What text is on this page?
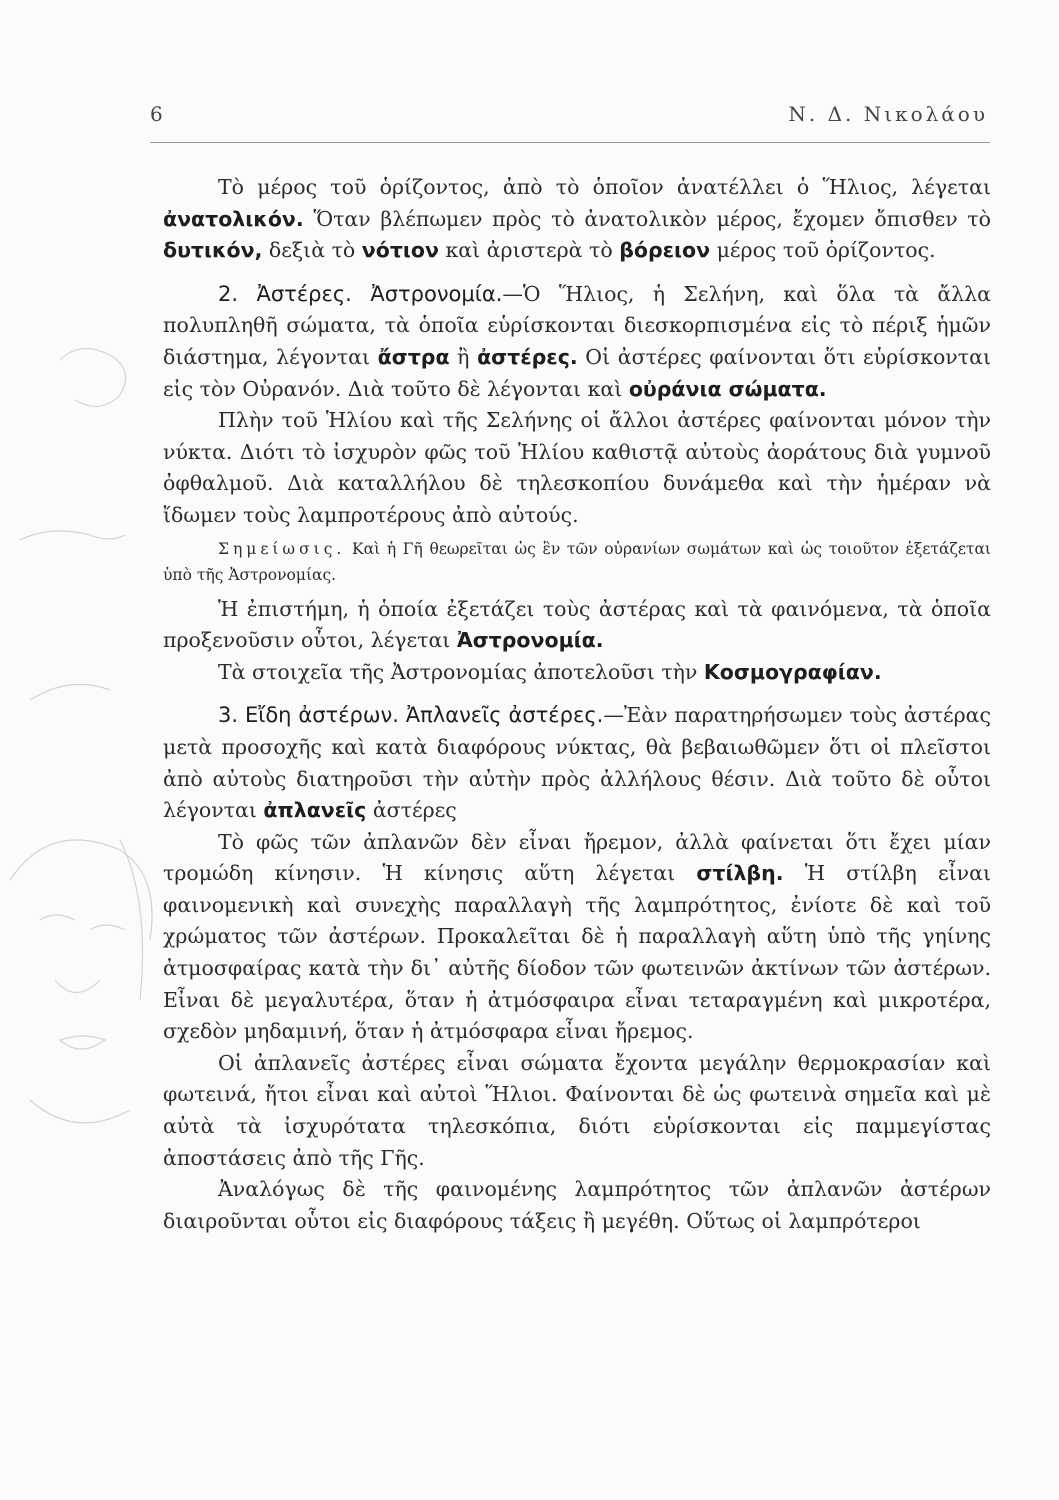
6	Ν. Δ. Νικολάου

Τὸ μέρος τοῦ ὁρίζοντος, ἀπὸ τὸ ὁποῖον ἀνατέλλει ὁ Ἥλιος, λέγεται ἀνατολικόν. Ὅταν βλέπωμεν πρὸς τὸ ἀνατολικὸν μέρος, ἔχομεν ὄπισθεν τὸ δυτικόν, δεξιὰ τὸ νότιον καὶ ἀριστερὰ τὸ βόρειον μέρος τοῦ ὁρίζοντος.

2. Ἀστέρες. Ἀστρονομία.—Ὁ Ἥλιος, ἡ Σελήνη, καὶ ὅλα τὰ ἄλλα πολυπληθῆ σώματα, τὰ ὁποῖα εὑρίσκονται διεσκορπισμένα εἰς τὸ πέριξ ἡμῶν διάστημα, λέγονται ἄστρα ἢ ἀστέρες. Οἱ ἀστέρες φαίνονται ὅτι εὑρίσκονται εἰς τὸν Οὐρανόν. Διὰ τοῦτο δὲ λέγονται καὶ οὐράνια σώματα.

Πλὴν τοῦ Ἡλίου καὶ τῆς Σελήνης οἱ ἄλλοι ἀστέρες φαίνονται μόνον τὴν νύκτα. Διότι τὸ ἰσχυρὸν φῶς τοῦ Ἡλίου καθιστᾷ αὐτοὺς ἀοράτους διὰ γυμνοῦ ὀφθαλμοῦ. Διὰ καταλλήλου δὲ τηλεσκοπίου δυνάμεθα καὶ τὴν ἡμέραν νὰ ἴδωμεν τοὺς λαμπροτέρους ἀπὸ αὐτούς.

Σημείωσις. Καὶ ἡ Γῆ θεωρεῖται ὡς ἓν τῶν οὐρανίων σωμάτων καὶ ὡς τοιοῦτον ἐξετάζεται ὑπὸ τῆς Ἀστρονομίας.

Ἡ ἐπιστήμη, ἡ ὁποία ἐξετάζει τοὺς ἀστέρας καὶ τὰ φαινόμενα, τὰ ὁποῖα προξενοῦσιν οὗτοι, λέγεται Ἀστρονομία.

Τὰ στοιχεῖα τῆς Ἀστρονομίας ἀποτελοῦσι τὴν Κοσμογραφίαν.

3. Εἴδη ἀστέρων. Ἀπλανεῖς ἀστέρες.—Ἐὰν παρατηρήσωμεν τοὺς ἀστέρας μετὰ προσοχῆς καὶ κατὰ διαφόρους νύκτας, θὰ βεβαιωθῶμεν ὅτι οἱ πλεῖστοι ἀπὸ αὐτοὺς διατηροῦσι τὴν αὐτὴν πρὸς ἀλλήλους θέσιν. Διὰ τοῦτο δὲ οὗτοι λέγονται ἀπλανεῖς ἀστέρες

Τὸ φῶς τῶν ἀπλανῶν δὲν εἶναι ἤρεμον, ἀλλὰ φαίνεται ὅτι ἔχει μίαν τρομώδη κίνησιν. Ἡ κίνησις αὕτη λέγεται στίλβη. Ἡ στίλβη εἶναι φαινομενικὴ καὶ συνεχὴς παραλλαγὴ τῆς λαμπρότητος, ἐνίοτε δὲ καὶ τοῦ χρώματος τῶν ἀστέρων. Προκαλεῖται δὲ ἡ παραλλαγὴ αὕτη ὑπὸ τῆς γηίνης ἀτμοσφαίρας κατὰ τὴν δι᾽ αὐτῆς δίοδον τῶν φωτεινῶν ἀκτίνων τῶν ἀστέρων. Εἶναι δὲ μεγαλυτέρα, ὅταν ἡ ἀτμόσφαιρα εἶναι τεταραγμένη καὶ μικροτέρα, σχεδὸν μηδαμινή, ὅταν ἡ ἀτμόσφαρα εἶναι ἤρεμος.

Οἱ ἀπλανεῖς ἀστέρες εἶναι σώματα ἔχοντα μεγάλην θερμοκρασίαν καὶ φωτεινά, ἤτοι εἶναι καὶ αὐτοὶ Ἥλιοι. Φαίνονται δὲ ὡς φωτεινὰ σημεῖα καὶ μὲ αὐτὰ τὰ ἰσχυρότατα τηλεσκόπια, διότι εὑρίσκονται εἰς παμμεγίστας ἀποστάσεις ἀπὸ τῆς Γῆς.

Ἀναλόγως δὲ τῆς φαινομένης λαμπρότητος τῶν ἀπλανῶν ἀστέρων διαιροῦνται οὗτοι εἰς διαφόρους τάξεις ἢ μεγέθη. Οὕτως οἱ λαμπρότεροι
